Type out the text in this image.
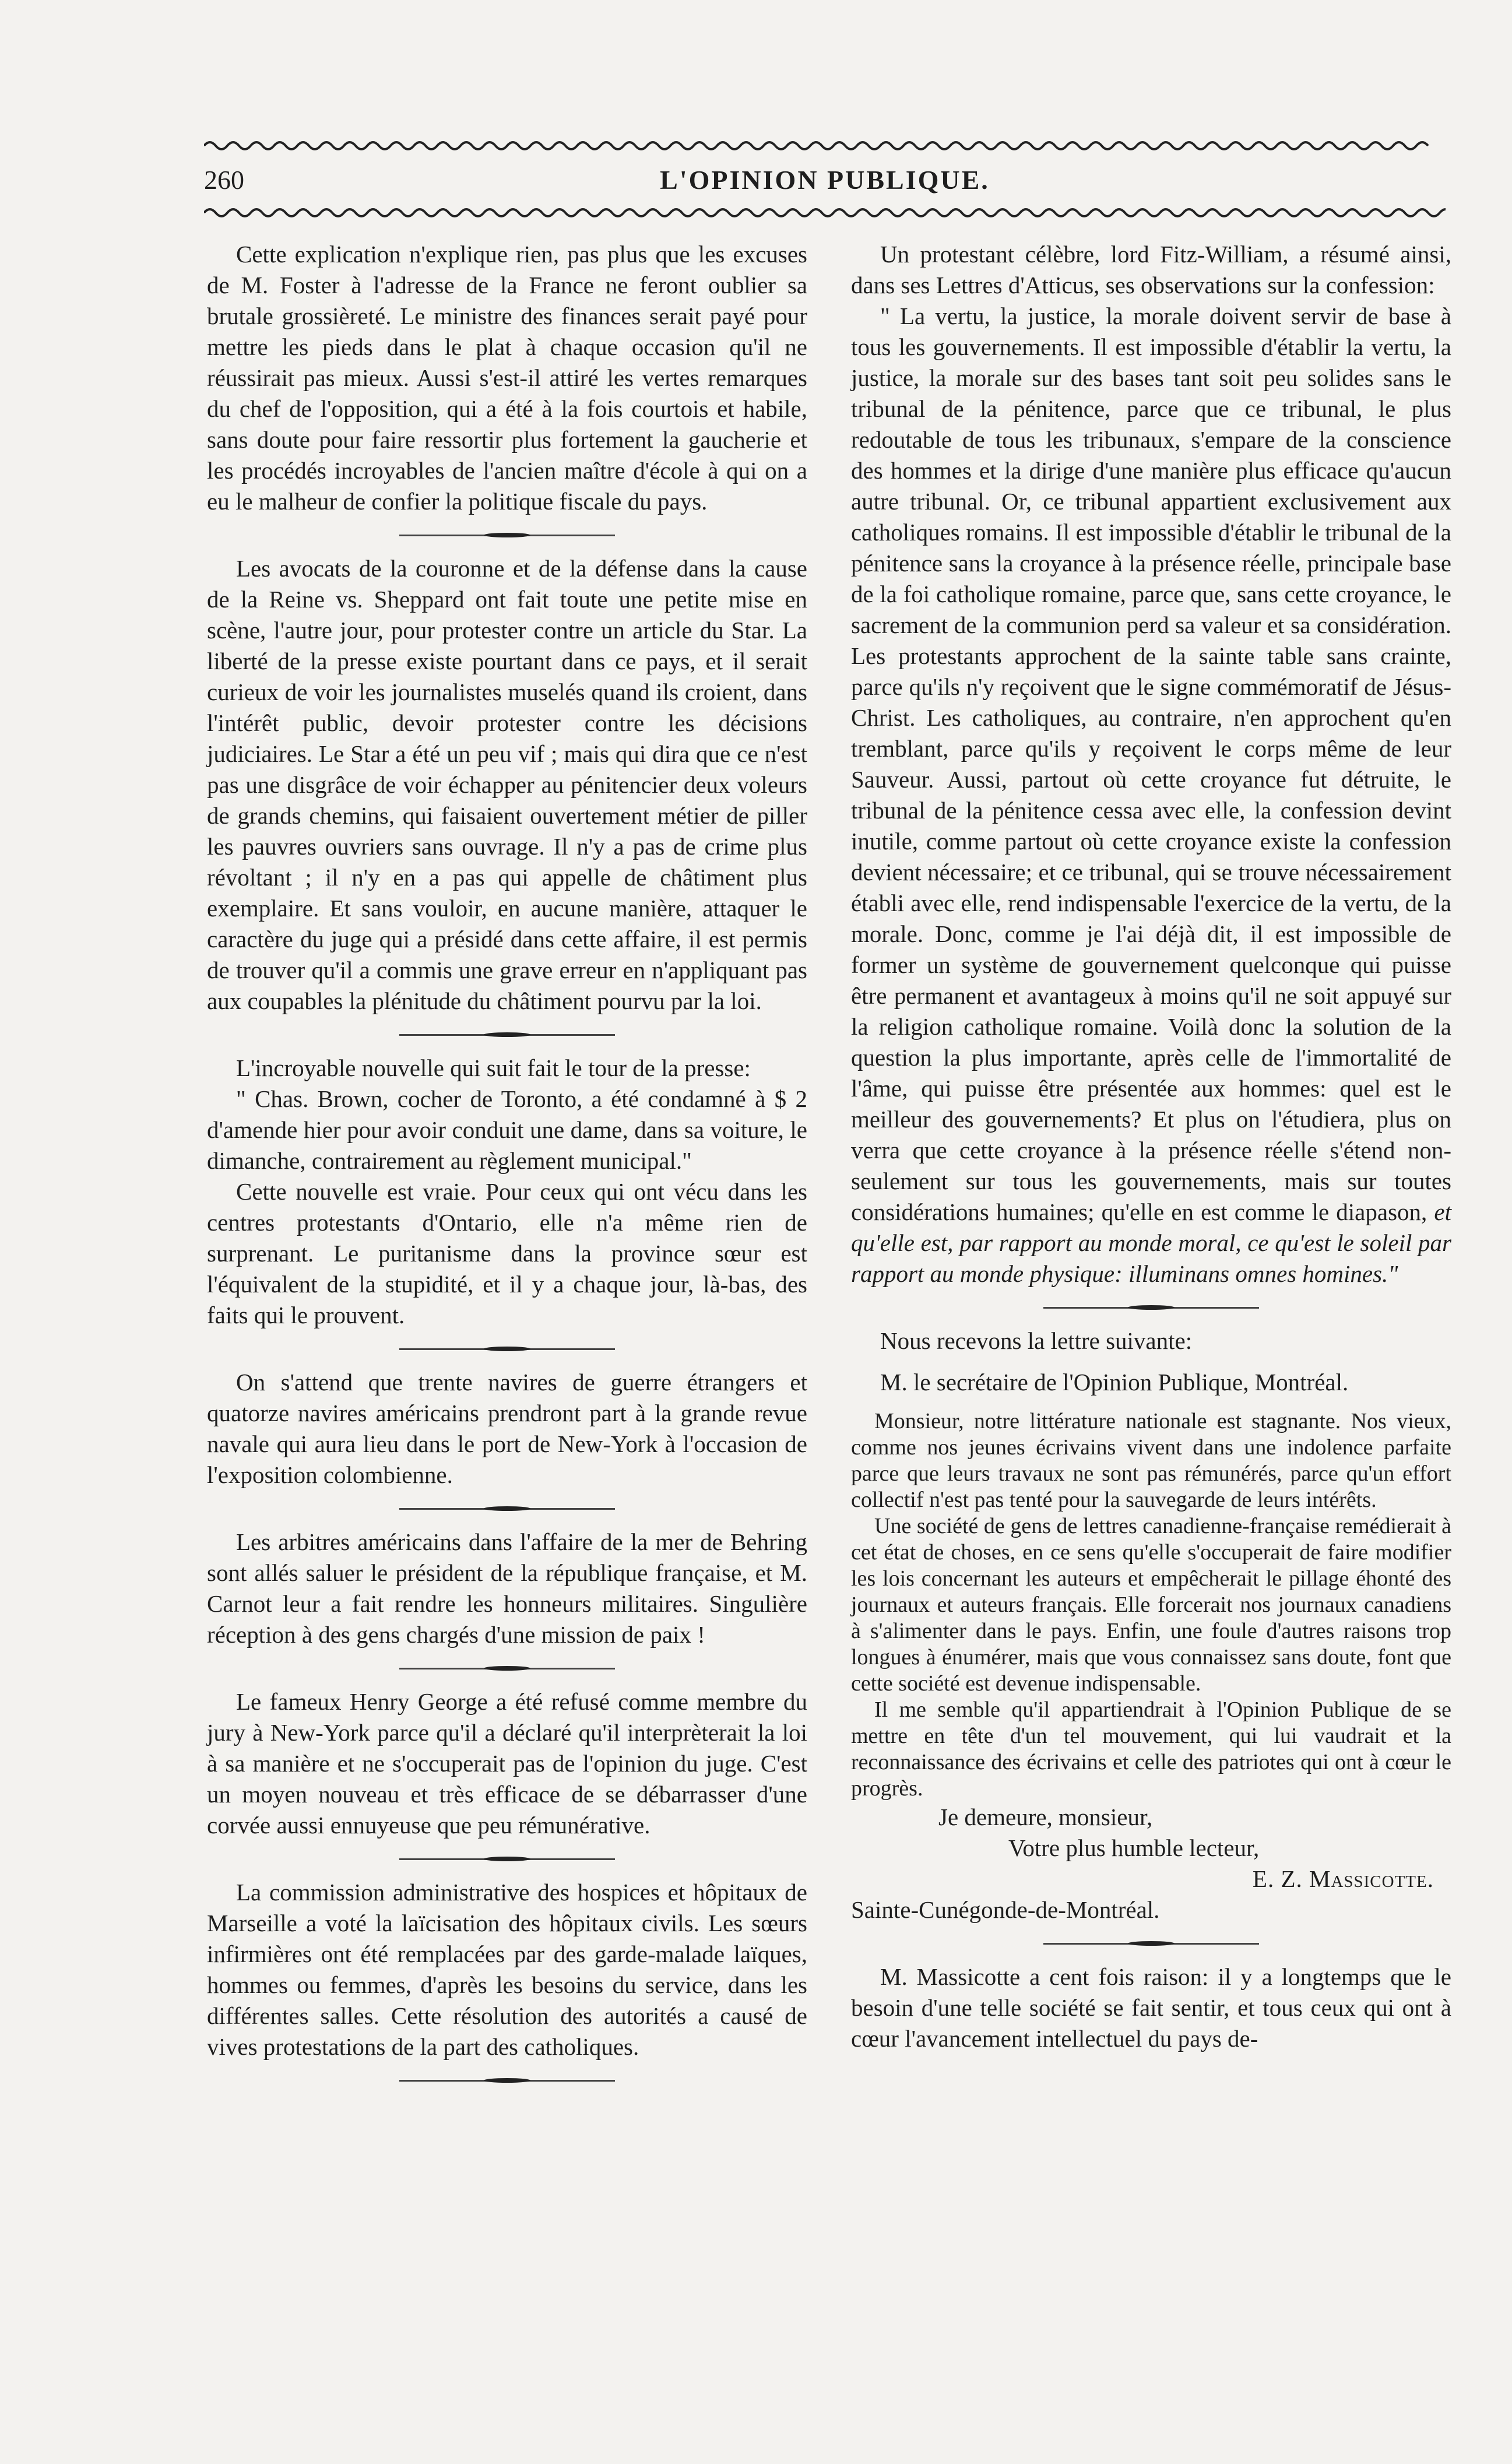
260	L'OPINION PUBLIQUE.

Cette explication n'explique rien, pas plus que les excuses de M. Foster à l'adresse de la France ne feront oublier sa brutale grossièreté. Le ministre des finances serait payé pour mettre les pieds dans le plat à chaque occasion qu'il ne réussirait pas mieux. Aussi s'est-il attiré les vertes remarques du chef de l'opposition, qui a été à la fois courtois et habile, sans doute pour faire ressortir plus fortement la gaucherie et les procédés incroyables de l'ancien maître d'école à qui on a eu le malheur de confier la politique fiscale du pays.

Les avocats de la couronne et de la défense dans la cause de la Reine vs. Sheppard ont fait toute une petite mise en scène, l'autre jour, pour protester contre un article du Star. La liberté de la presse existe pourtant dans ce pays, et il serait curieux de voir les journalistes muselés quand ils croient, dans l'intérêt public, devoir protester contre les décisions judiciaires. Le Star a été un peu vif ; mais qui dira que ce n'est pas une disgrâce de voir échapper au pénitencier deux voleurs de grands chemins, qui faisaient ouvertement métier de piller les pauvres ouvriers sans ouvrage. Il n'y a pas de crime plus révoltant ; il n'y en a pas qui appelle de châtiment plus exemplaire. Et sans vouloir, en aucune manière, attaquer le caractère du juge qui a présidé dans cette affaire, il est permis de trouver qu'il a commis une grave erreur en n'appliquant pas aux coupables la plénitude du châtiment pourvu par la loi.

L'incroyable nouvelle qui suit fait le tour de la presse:

" Chas. Brown, cocher de Toronto, a été condamné à $ 2 d'amende hier pour avoir conduit une dame, dans sa voiture, le dimanche, contrairement au règlement municipal."

Cette nouvelle est vraie. Pour ceux qui ont vécu dans les centres protestants d'Ontario, elle n'a même rien de surprenant. Le puritanisme dans la province sœur est l'équivalent de la stupidité, et il y a chaque jour, là-bas, des faits qui le prouvent.

On s'attend que trente navires de guerre étrangers et quatorze navires américains prendront part à la grande revue navale qui aura lieu dans le port de New-York à l'occasion de l'exposition colombienne.

Les arbitres américains dans l'affaire de la mer de Behring sont allés saluer le président de la république française, et M. Carnot leur a fait rendre les honneurs militaires. Singulière réception à des gens chargés d'une mission de paix !

Le fameux Henry George a été refusé comme membre du jury à New-York parce qu'il a déclaré qu'il interprèterait la loi à sa manière et ne s'occuperait pas de l'opinion du juge. C'est un moyen nouveau et très efficace de se débarrasser d'une corvée aussi ennuyeuse que peu rémunérative.

La commission administrative des hospices et hôpitaux de Marseille a voté la laïcisation des hôpitaux civils. Les sœurs infirmières ont été remplacées par des garde-malade laïques, hommes ou femmes, d'après les besoins du service, dans les différentes salles. Cette résolution des autorités a causé de vives protestations de la part des catholiques.

Un protestant célèbre, lord Fitz-William, a résumé ainsi, dans ses Lettres d'Atticus, ses observations sur la confession:

" La vertu, la justice, la morale doivent servir de base à tous les gouvernements. Il est impossible d'établir la vertu, la justice, la morale sur des bases tant soit peu solides sans le tribunal de la pénitence, parce que ce tribunal, le plus redoutable de tous les tribunaux, s'empare de la conscience des hommes et la dirige d'une manière plus efficace qu'aucun autre tribunal. Or, ce tribunal appartient exclusivement aux catholiques romains. Il est impossible d'établir le tribunal de la pénitence sans la croyance à la présence réelle, principale base de la foi catholique romaine, parce que, sans cette croyance, le sacrement de la communion perd sa valeur et sa considération. Les protestants approchent de la sainte table sans crainte, parce qu'ils n'y reçoivent que le signe commémoratif de Jésus-Christ. Les catholiques, au contraire, n'en approchent qu'en tremblant, parce qu'ils y reçoivent le corps même de leur Sauveur. Aussi, partout où cette croyance fut détruite, le tribunal de la pénitence cessa avec elle, la confession devint inutile, comme partout où cette croyance existe la confession devient nécessaire; et ce tribunal, qui se trouve nécessairement établi avec elle, rend indispensable l'exercice de la vertu, de la morale. Donc, comme je l'ai déjà dit, il est impossible de former un système de gouvernement quelconque qui puisse être permanent et avantageux à moins qu'il ne soit appuyé sur la religion catholique romaine. Voilà donc la solution de la question la plus importante, après celle de l'immortalité de l'âme, qui puisse être présentée aux hommes: quel est le meilleur des gouvernements? Et plus on l'étudiera, plus on verra que cette croyance à la présence réelle s'étend non-seulement sur tous les gouvernements, mais sur toutes considérations humaines; qu'elle en est comme le diapason, et qu'elle est, par rapport au monde moral, ce qu'est le soleil par rapport au monde physique: illuminans omnes homines."

Nous recevons la lettre suivante:

M. le secrétaire de l'Opinion Publique, Montréal.

Monsieur, notre littérature nationale est stagnante. Nos vieux, comme nos jeunes écrivains vivent dans une indolence parfaite parce que leurs travaux ne sont pas rémunérés, parce qu'un effort collectif n'est pas tenté pour la sauvegarde de leurs intérêts.

Une société de gens de lettres canadienne-française remédierait à cet état de choses, en ce sens qu'elle s'occuperait de faire modifier les lois concernant les auteurs et empêcherait le pillage éhonté des journaux et auteurs français. Elle forcerait nos journaux canadiens à s'alimenter dans le pays. Enfin, une foule d'autres raisons trop longues à énumérer, mais que vous connaissez sans doute, font que cette société est devenue indispensable.

Il me semble qu'il appartiendrait à l'Opinion Publique de se mettre en tête d'un tel mouvement, qui lui vaudrait et la reconnaissance des écrivains et celle des patriotes qui ont à cœur le progrès.

Je demeure, monsieur,

Votre plus humble lecteur,

E. Z. Massicotte.

Sainte-Cunégonde-de-Montréal.

M. Massicotte a cent fois raison: il y a longtemps que le besoin d'une telle société se fait sentir, et tous ceux qui ont à cœur l'avancement intellectuel du pays de-
